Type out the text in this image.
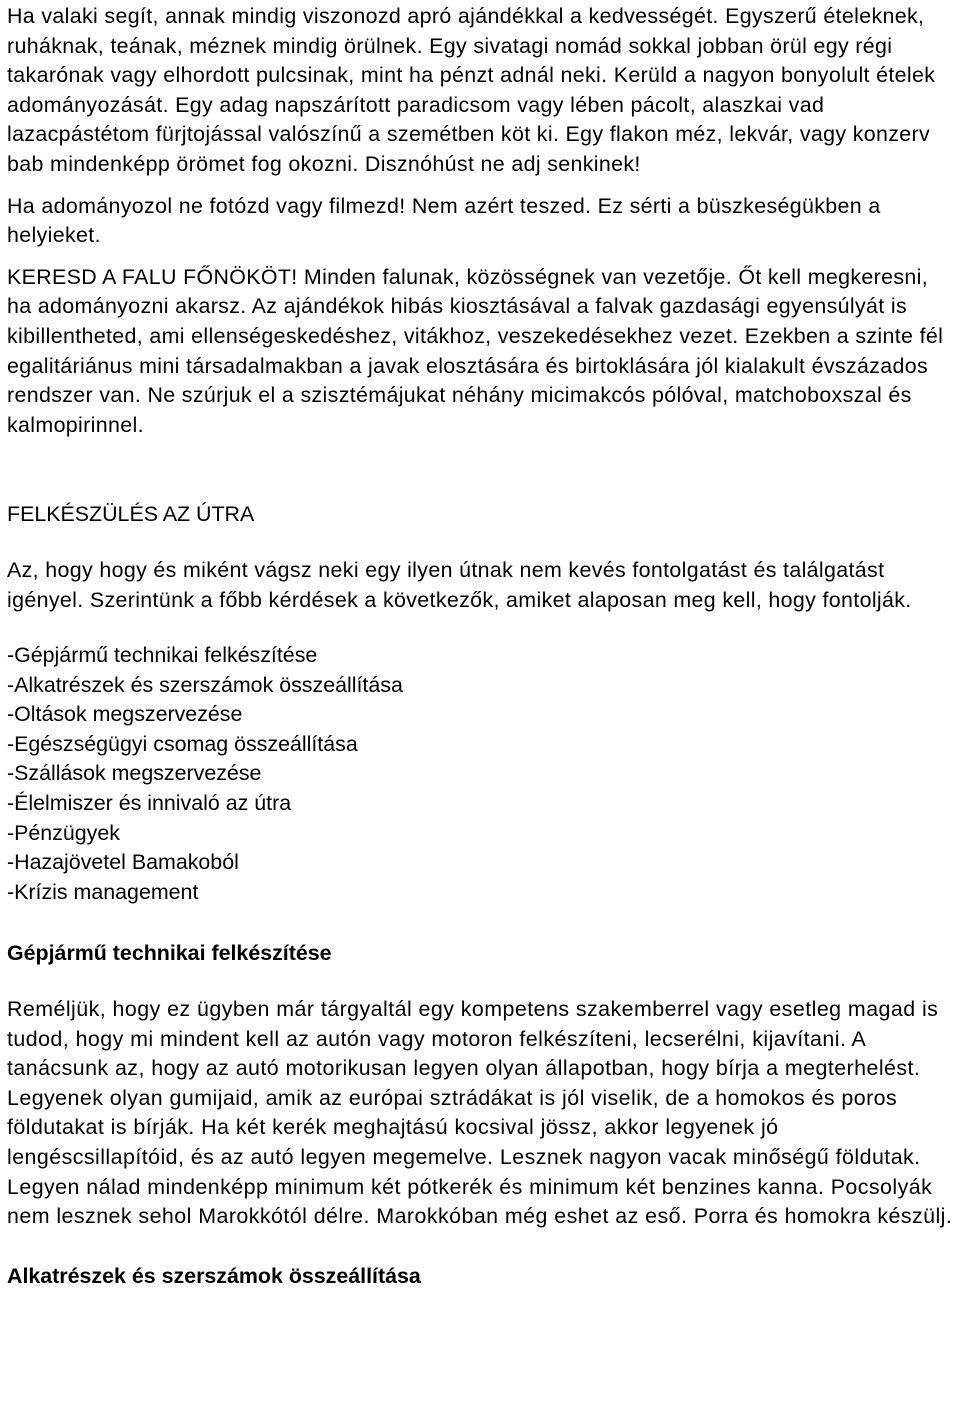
Ha valaki segít, annak mindig viszonozd apró ajándékkal a kedvességét. Egyszerű ételeknek, ruháknak, teának, méznek mindig örülnek. Egy sivatagi nomád sokkal jobban örül egy régi takarónak vagy elhordott pulcsinak, mint ha pénzt adnál neki. Kerüld a nagyon bonyolult ételek adományozását. Egy adag napszárított paradicsom vagy lében pácolt, alaszkai vad lazacpástétom fürjtojással valószínű a szemétben köt ki. Egy flakon méz, lekvár, vagy konzerv bab mindenképp örömet fog okozni. Disznóhúst ne adj senkinek!

Ha adományozol ne fotózd vagy filmezd! Nem azért teszed. Ez sérti a büszkeségükben a helyieket.

KERESD A FALU FŐNÖKÖT! Minden falunak, közösségnek van vezetője. Őt kell megkeresni, ha adományozni akarsz. Az ajándékok hibás kiosztásával a falvak gazdasági egyensúlyát is kibillentheted, ami ellenségeskedéshez, vitákhoz, veszekedésekhez vezet. Ezekben a szinte fél egalitáriánus mini társadalmakban a javak elosztására és birtoklására jól kialakult évszázados rendszer van. Ne szúrjuk el a szisztémájukat néhány micimakcós pólóval, matchoboxszal és kalmopirinnel.

FELKÉSZÜLÉS AZ ÚTRA

Az, hogy hogy és miként vágsz neki egy ilyen útnak nem kevés fontolgatást és találgatást igényel. Szerintünk a főbb kérdések a következők, amiket alaposan meg kell, hogy fontolják.

-Gépjármű technikai felkészítése
-Alkatrészek és szerszámok összeállítása
-Oltások megszervezése
-Egészségügyi csomag összeállítása
-Szállások megszervezése
-Élelmiszer és innivaló az útra
-Pénzügyek
-Hazajövetel Bamakoból
-Krízis management

Gépjármű technikai felkészítése

Reméljük, hogy ez ügyben már tárgyaltál egy kompetens szakemberrel vagy esetleg magad is tudod, hogy mi mindent kell az autón vagy motoron felkészíteni, lecserélni, kijavítani. A tanácsunk az, hogy az autó motorikusan legyen olyan állapotban, hogy bírja a megterhelést. Legyenek olyan gumijaid, amik az európai sztrádákat is jól viselik, de a homokos és poros földutakat is bírják. Ha két kerék meghajtású kocsival jössz, akkor legyenek jó lengéscsillapítóid, és az autó legyen megemelve. Lesznek nagyon vacak minőségű földutak. Legyen nálad mindenképp minimum két pótkerék és minimum két benzines kanna. Pocsolyák nem lesznek sehol Marokkótól délre. Marokkóban még eshet az eső. Porra és homokra készülj.

Alkatrészek és szerszámok összeállítása
